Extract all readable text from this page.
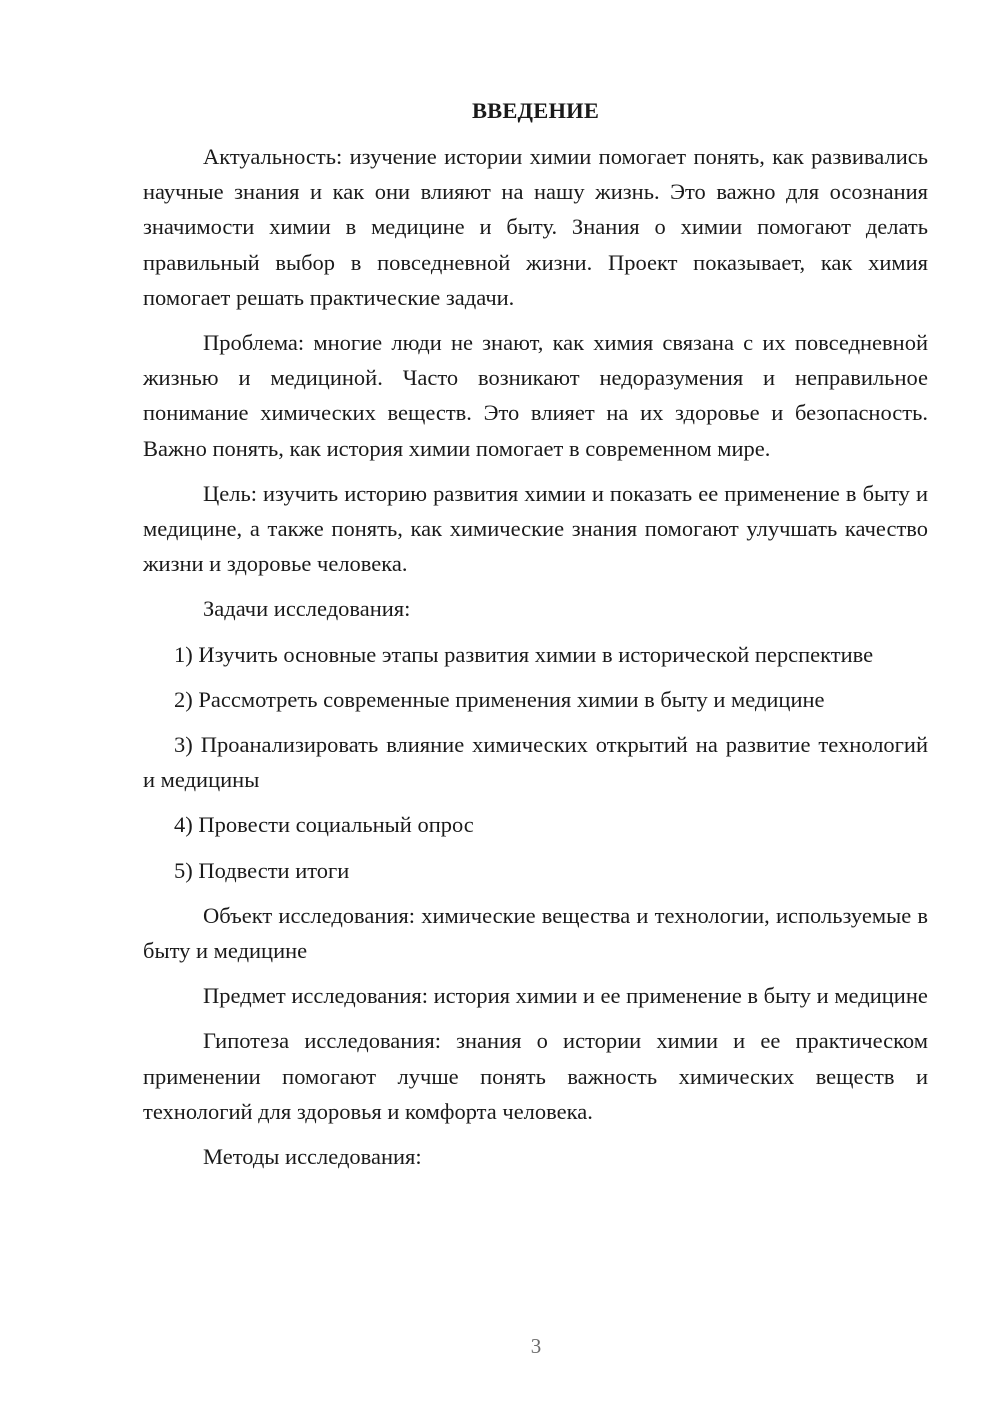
ВВЕДЕНИЕ

Актуальность: изучение истории химии помогает понять, как развивались научные знания и как они влияют на нашу жизнь. Это важно для осознания значимости химии в медицине и быту. Знания о химии помогают делать правильный выбор в повседневной жизни. Проект показывает, как химия помогает решать практические задачи.

Проблема: многие люди не знают, как химия связана с их повседневной жизнью и медициной. Часто возникают недоразумения и неправильное понимание химических веществ. Это влияет на их здоровье и безопасность. Важно понять, как история химии помогает в современном мире.

Цель: изучить историю развития химии и показать ее применение в быту и медицине, а также понять, как химические знания помогают улучшать качество жизни и здоровье человека.

Задачи исследования:

1) Изучить основные этапы развития химии в исторической перспективе

2) Рассмотреть современные применения химии в быту и медицине

3) Проанализировать влияние химических открытий на развитие технологий и медицины

4) Провести социальный опрос

5) Подвести итоги

Объект исследования: химические вещества и технологии, используемые в быту и медицине

Предмет исследования: история химии и ее применение в быту и медицине

Гипотеза исследования: знания о истории химии и ее практическом применении помогают лучше понять важность химических веществ и технологий для здоровья и комфорта человека.

Методы исследования:

3
